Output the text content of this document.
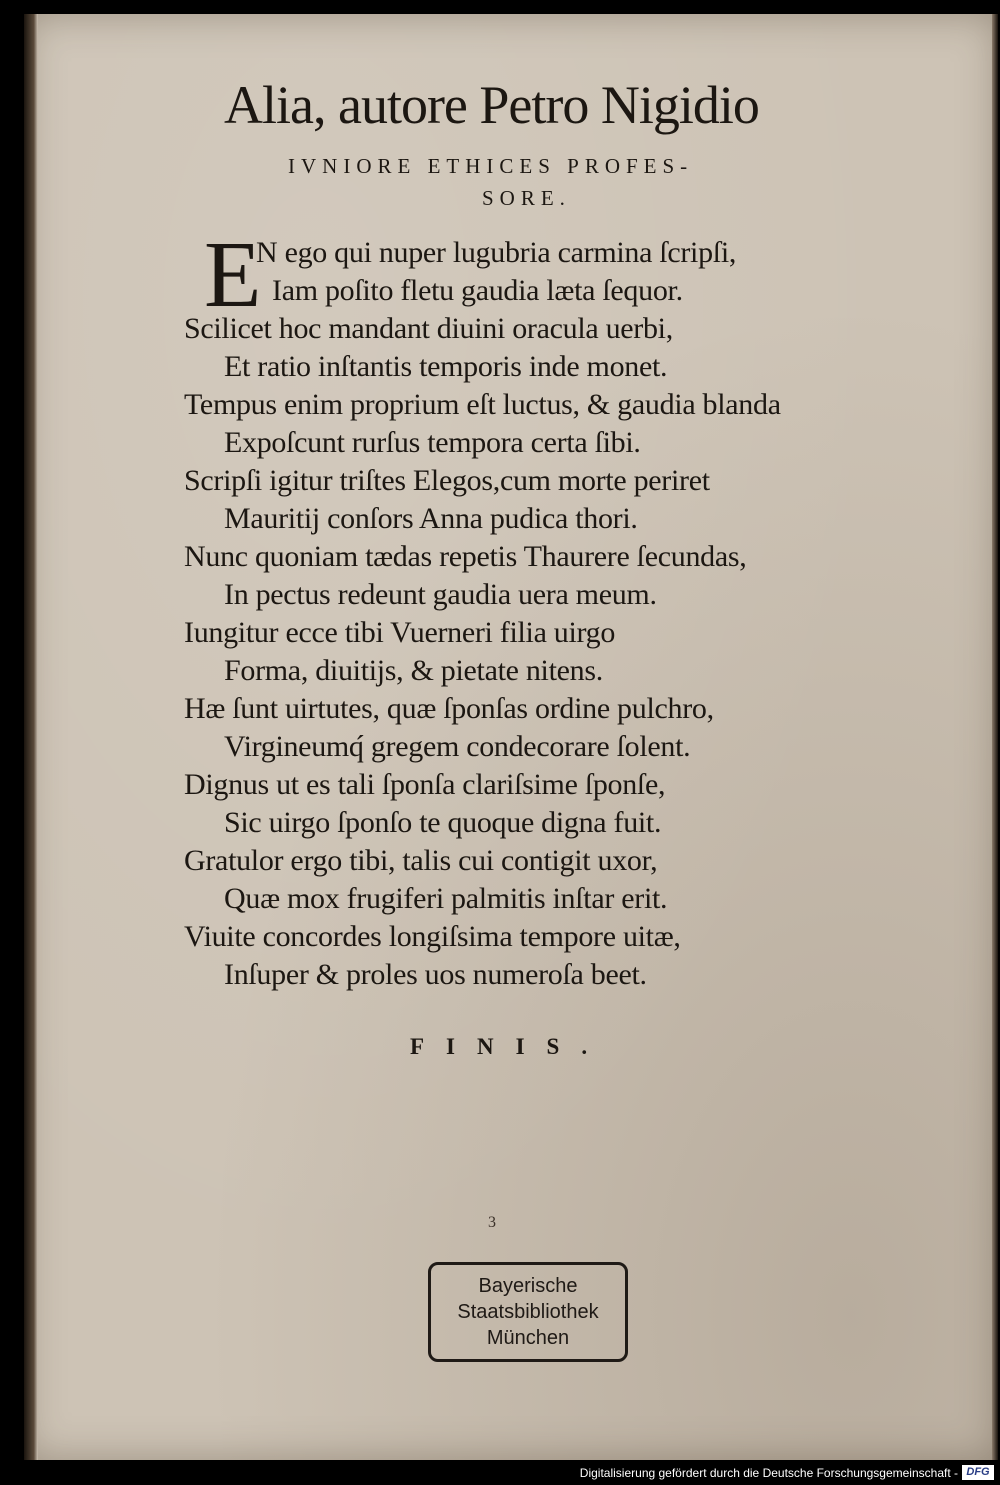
Alia, autore Petro Nigidio
IVNIORE ETHICES PROFES-
SORE.
E
N ego qui nuper lugubria carmina ſcripſi,
Iam poſito fletu gaudia læta ſequor.
Scilicet hoc mandant diuini oracula uerbi,
Et ratio inſtantis temporis inde monet.
Tempus enim proprium eſt luctus, & gaudia blanda
Expoſcunt rurſus tempora certa ſibi.
Scripſi igitur triſtes Elegos,cum morte periret
Mauritij conſors Anna pudica thori.
Nunc quoniam tædas repetis Thaurere ſecundas,
In pectus redeunt gaudia uera meum.
Iungitur ecce tibi Vuerneri filia uirgo
Forma, diuitijs, & pietate nitens.
Hæ ſunt uirtutes, quæ ſponſas ordine pulchro,
Virgineumq́ gregem condecorare ſolent.
Dignus ut es tali ſponſa clariſsime ſponſe,
Sic uirgo ſponſo te quoque digna fuit.
Gratulor ergo tibi, talis cui contigit uxor,
Quæ mox frugiferi palmitis inſtar erit.
Viuite concordes longiſsima tempore uitæ,
Inſuper & proles uos numeroſa beet.
FINIS.
3
Bayerische
Staatsbibliothek
München
Digitalisierung gefördert durch die Deutsche Forschungsgemeinschaft - DFG
